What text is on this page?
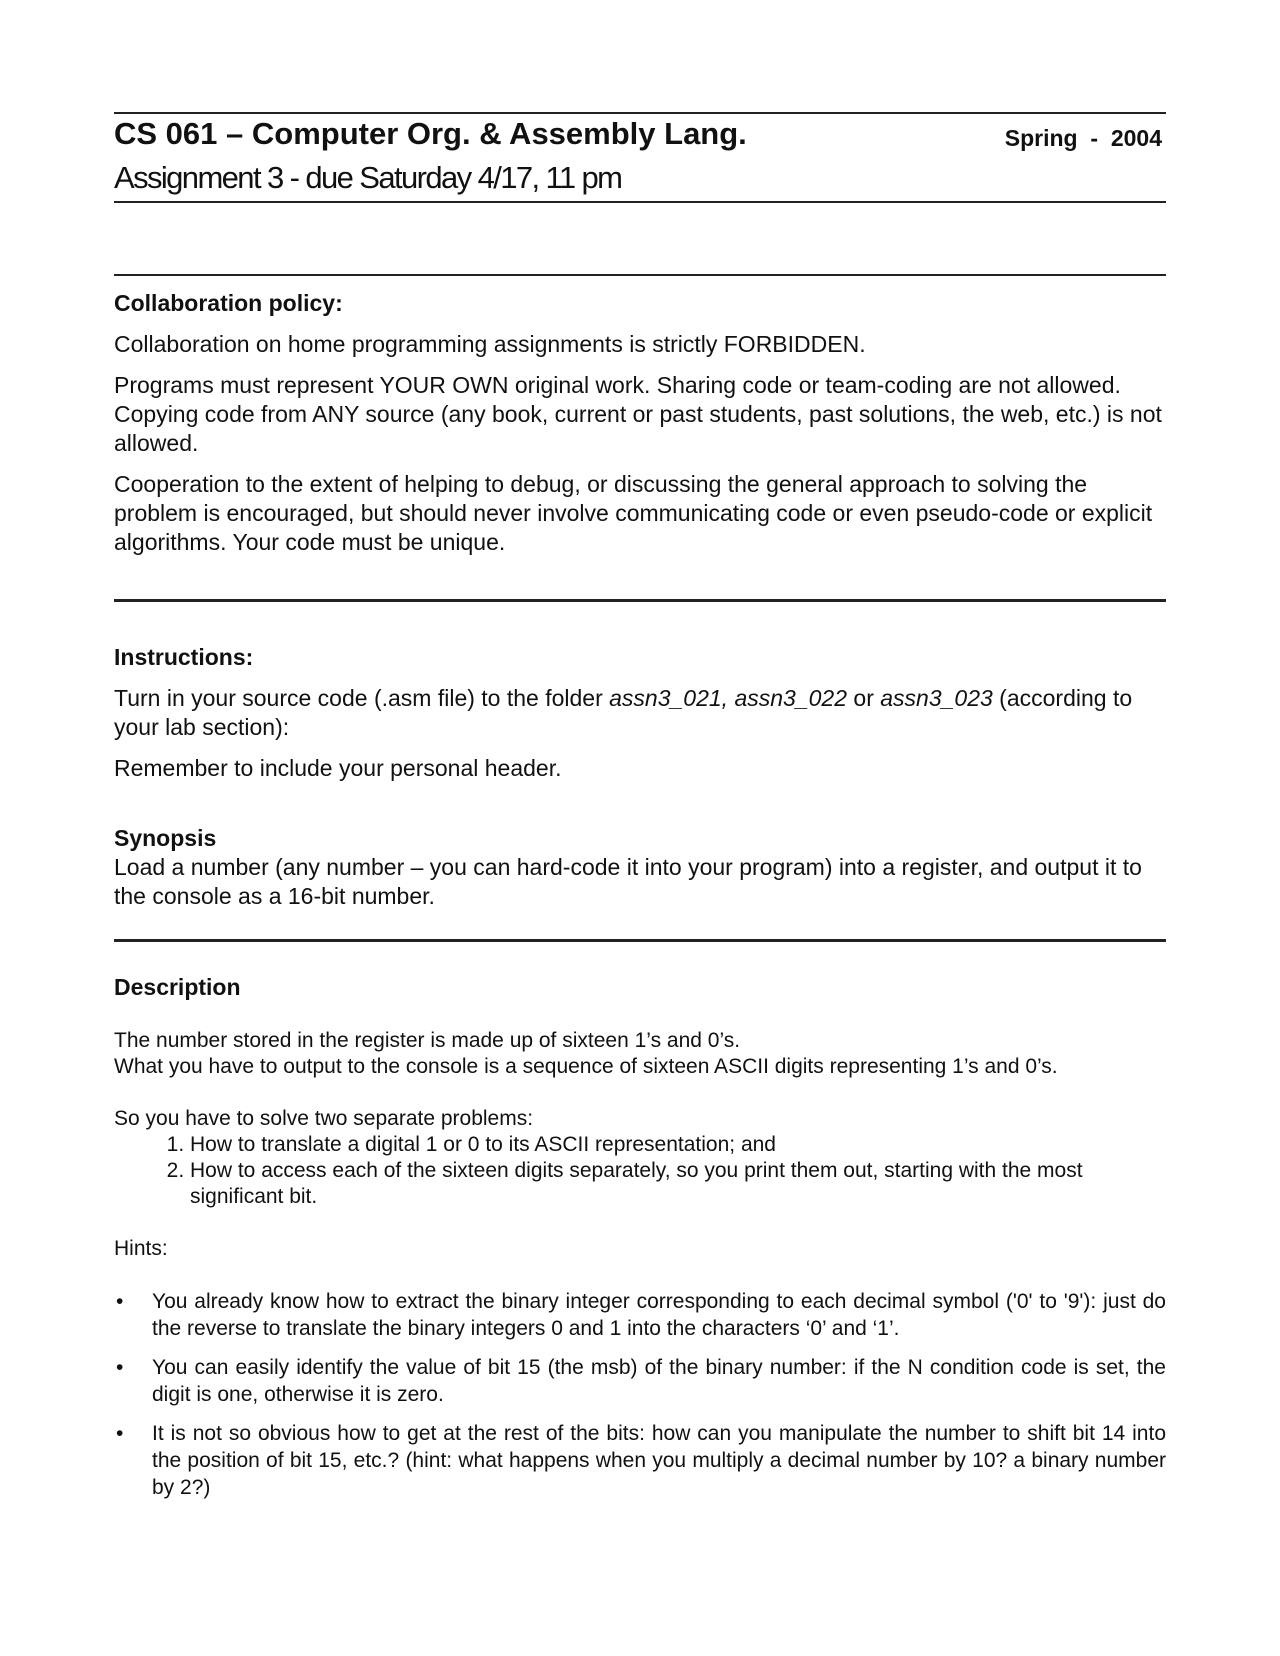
CS 061 – Computer Org. & Assembly Lang.	Spring  -  2004
Assignment 3 - due Saturday 4/17, 11 pm
Collaboration policy:
Collaboration on home programming assignments is strictly FORBIDDEN.
Programs must represent YOUR OWN original work. Sharing code or team-coding are not allowed. Copying code from ANY source (any book, current or past students, past solutions, the web, etc.) is not allowed.
Cooperation to the extent of helping to debug, or discussing the general approach to solving the problem is encouraged, but should never involve communicating code or even pseudo-code or explicit algorithms. Your code must be unique.
Instructions:
Turn in your source code (.asm file) to the folder assn3_021, assn3_022 or assn3_023 (according to your lab section):
Remember to include your personal header.
Synopsis
Load a number (any number – you can hard-code it into your program) into a register, and output it to the console as a 16-bit number.
Description
The number stored in the register is made up of sixteen 1’s and 0’s.
What you have to output to the console is a sequence of sixteen ASCII digits representing 1’s and 0’s.
So you have to solve two separate problems:
1. How to translate a digital 1 or 0 to its ASCII representation; and
2. How to access each of the sixteen digits separately, so you print them out, starting with the most significant bit.
Hints:
• You already know how to extract the binary integer corresponding to each decimal symbol ('0' to '9'): just do the reverse to translate the binary integers 0 and 1 into the characters ‘0’ and ‘1’.
• You can easily identify the value of bit 15 (the msb) of the binary number: if the N condition code is set, the digit is one, otherwise it is zero.
• It is not so obvious how to get at the rest of the bits: how can you manipulate the number to shift bit 14 into the position of bit 15, etc.? (hint: what happens when you multiply a decimal number by 10? a binary number by 2?)
